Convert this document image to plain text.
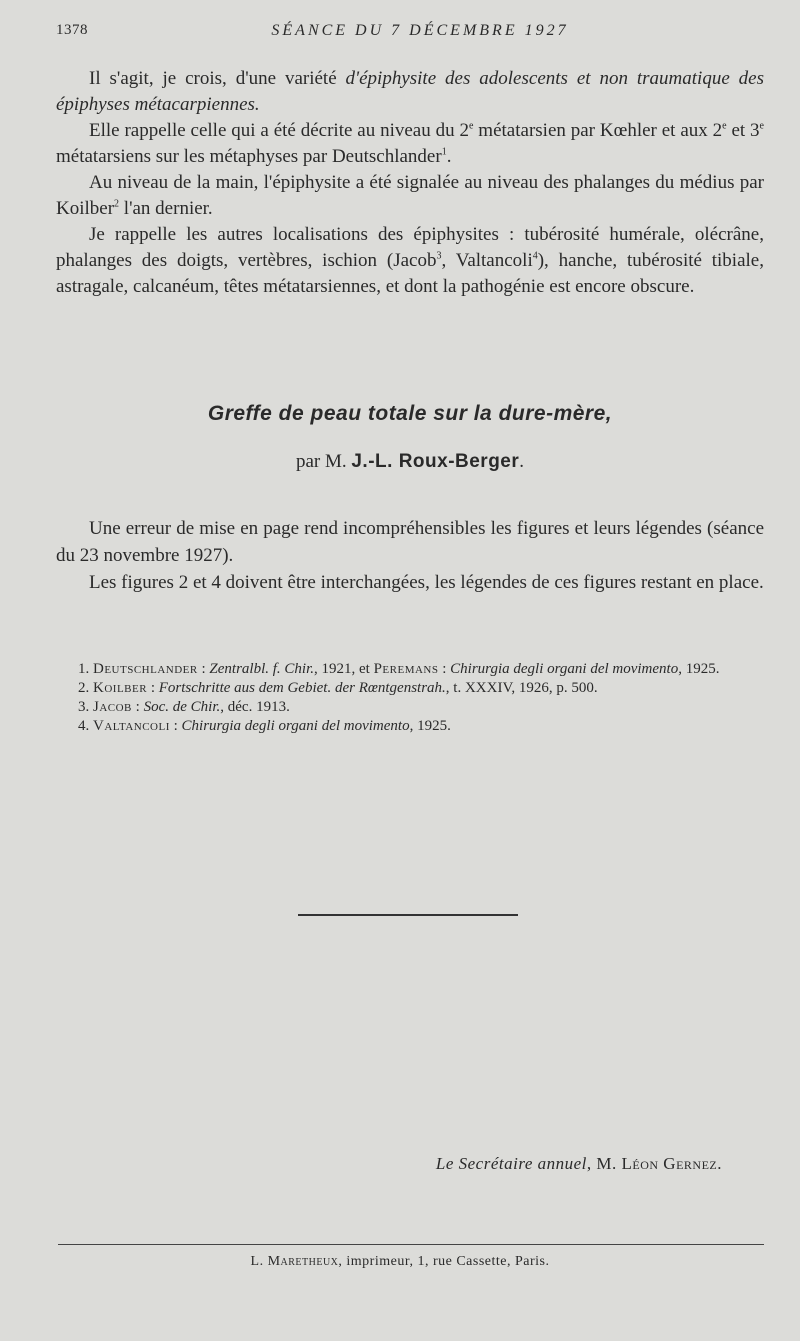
1378	SÉANCE DU 7 DÉCEMBRE 1927

Il s'agit, je crois, d'une variété d'épiphysite des adolescents et non traumatique des épiphyses métacarpiennes.

Elle rappelle celle qui a été décrite au niveau du 2e métatarsien par Kœhler et aux 2e et 3e métatarsiens sur les métaphyses par Deutschlander$^1$.

Au niveau de la main, l'épiphysite a été signalée au niveau des phalanges du médius par Koilber$^2$ l'an dernier.

Je rappelle les autres localisations des épiphysites : tubérosité humérale, olécrâne, phalanges des doigts, vertèbres, ischion (Jacob$^3$, Valtancoli$^4$), hanche, tubérosité tibiale, astragale, calcanéum, têtes métatarsiennes, et dont la pathogénie est encore obscure.

Greffe de peau totale sur la dure-mère,
par M. J.-L. Roux-Berger.

Une erreur de mise en page rend incompréhensibles les figures et leurs légendes (séance du 23 novembre 1927).

Les figures 2 et 4 doivent être interchangées, les légendes de ces figures restant en place.

1. Deutschlander : Zentralbl. f. Chir., 1921, et Peremans : Chirurgia degli organi del movimento, 1925.

2. Koilber : Fortschritte aus dem Gebiet. der Rœntgenstrah., t. XXXIV, 1926, p. 500.

3. Jacob : Soc. de Chir., déc. 1913.

4. Valtancoli : Chirurgia degli organi del movimento, 1925.

Le Secrétaire annuel, M. Léon Gernez.
L. Maretheux, imprimeur, 1, rue Cassette, Paris.
